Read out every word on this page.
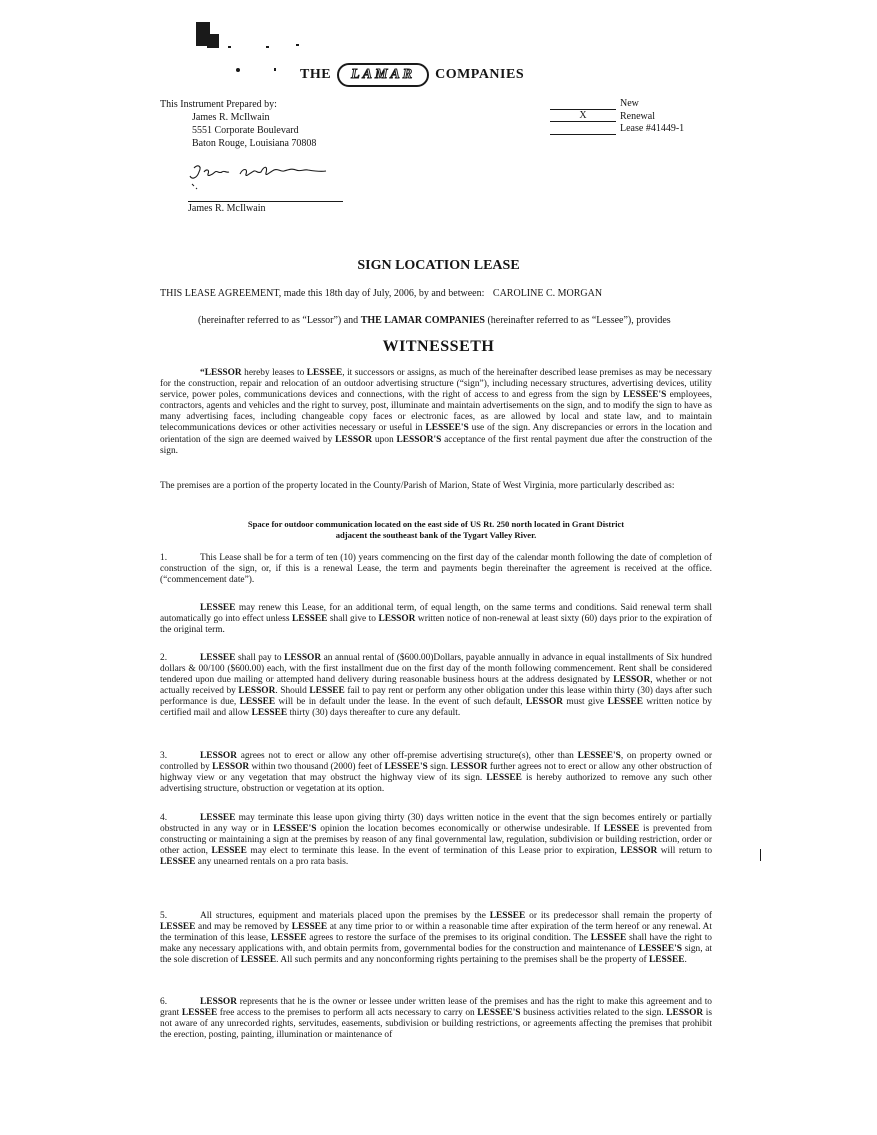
THE LAMAR COMPANIES
This Instrument Prepared by:
James R. McIlwain
5551 Corporate Boulevard
Baton Rouge, Louisiana 70808
New
X	Renewal
Lease #41449-1
James R. McIlwain
SIGN LOCATION LEASE
THIS LEASE AGREEMENT, made this 18th day of July, 2006, by and between: CAROLINE C. MORGAN
(hereinafter referred to as “Lessor”) and THE LAMAR COMPANIES (hereinafter referred to as “Lessee”), provides
WITNESSETH

“LESSOR hereby leases to LESSEE, it successors or assigns, as much of the hereinafter described lease premises as may be necessary for the construction, repair and relocation of an outdoor advertising structure (“sign”), including necessary structures, advertising devices, utility service, power poles, communications devices and connections, with the right of access to and egress from the sign by LESSEE'S employees, contractors, agents and vehicles and the right to survey, post, illuminate and maintain advertisements on the sign, and to modify the sign to have as many advertising faces, including changeable copy faces or electronic faces, as are allowed by local and state law, and to maintain telecommunications devices or other activities necessary or useful in LESSEE'S use of the sign. Any discrepancies or errors in the location and orientation of the sign are deemed waived by LESSOR upon LESSOR'S acceptance of the first rental payment due after the construction of the sign.

The premises are a portion of the property located in the County/Parish of Marion, State of West Virginia, more particularly described as:
Space for outdoor communication located on the east side of US Rt. 250 north located in Grant District
adjacent the southeast bank of the Tygart Valley River.

1.	This Lease shall be for a term of ten (10) years commencing on the first day of the calendar month following the date of completion of construction of the sign, or, if this is a renewal Lease, the term and payments begin thereinafter the agreement is received at the office. (“commencement date”).

LESSEE may renew this Lease, for an additional term, of equal length, on the same terms and conditions. Said renewal term shall automatically go into effect unless LESSEE shall give to LESSOR written notice of non-renewal at least sixty (60) days prior to the expiration of the original term.

2.	LESSEE shall pay to LESSOR an annual rental of ($600.00)Dollars, payable annually in advance in equal installments of Six hundred dollars & 00/100 ($600.00) each, with the first installment due on the first day of the month following commencement. Rent shall be considered tendered upon due mailing or attempted hand delivery during reasonable business hours at the address designated by LESSOR, whether or not actually received by LESSOR. Should LESSEE fail to pay rent or perform any other obligation under this lease within thirty (30) days after such performance is due, LESSEE will be in default under the lease. In the event of such default, LESSOR must give LESSEE written notice by certified mail and allow LESSEE thirty (30) days thereafter to cure any default.

3.	LESSOR agrees not to erect or allow any other off-premise advertising structure(s), other than LESSEE'S, on property owned or controlled by LESSOR within two thousand (2000) feet of LESSEE'S sign. LESSOR further agrees not to erect or allow any other obstruction of highway view or any vegetation that may obstruct the highway view of its sign. LESSEE is hereby authorized to remove any such other advertising structure, obstruction or vegetation at its option.

4.	LESSEE may terminate this lease upon giving thirty (30) days written notice in the event that the sign becomes entirely or partially obstructed in any way or in LESSEE'S opinion the location becomes economically or otherwise undesirable. If LESSEE is prevented from constructing or maintaining a sign at the premises by reason of any final governmental law, regulation, subdivision or building restriction, order or other action, LESSEE may elect to terminate this lease. In the event of termination of this Lease prior to expiration, LESSOR will return to LESSEE any unearned rentals on a pro rata basis.

5.	All structures, equipment and materials placed upon the premises by the LESSEE or its predecessor shall remain the property of LESSEE and may be removed by LESSEE at any time prior to or within a reasonable time after expiration of the term hereof or any renewal. At the termination of this lease, LESSEE agrees to restore the surface of the premises to its original condition. The LESSEE shall have the right to make any necessary applications with, and obtain permits from, governmental bodies for the construction and maintenance of LESSEE'S sign, at the sole discretion of LESSEE. All such permits and any nonconforming rights pertaining to the premises shall be the property of LESSEE.

6.	LESSOR represents that he is the owner or lessee under written lease of the premises and has the right to make this agreement and to grant LESSEE free access to the premises to perform all acts necessary to carry on LESSEE'S business activities related to the sign. LESSOR is not aware of any unrecorded rights, servitudes, easements, subdivision or building restrictions, or agreements affecting the premises that prohibit the erection, posting, painting, illumination or maintenance of
